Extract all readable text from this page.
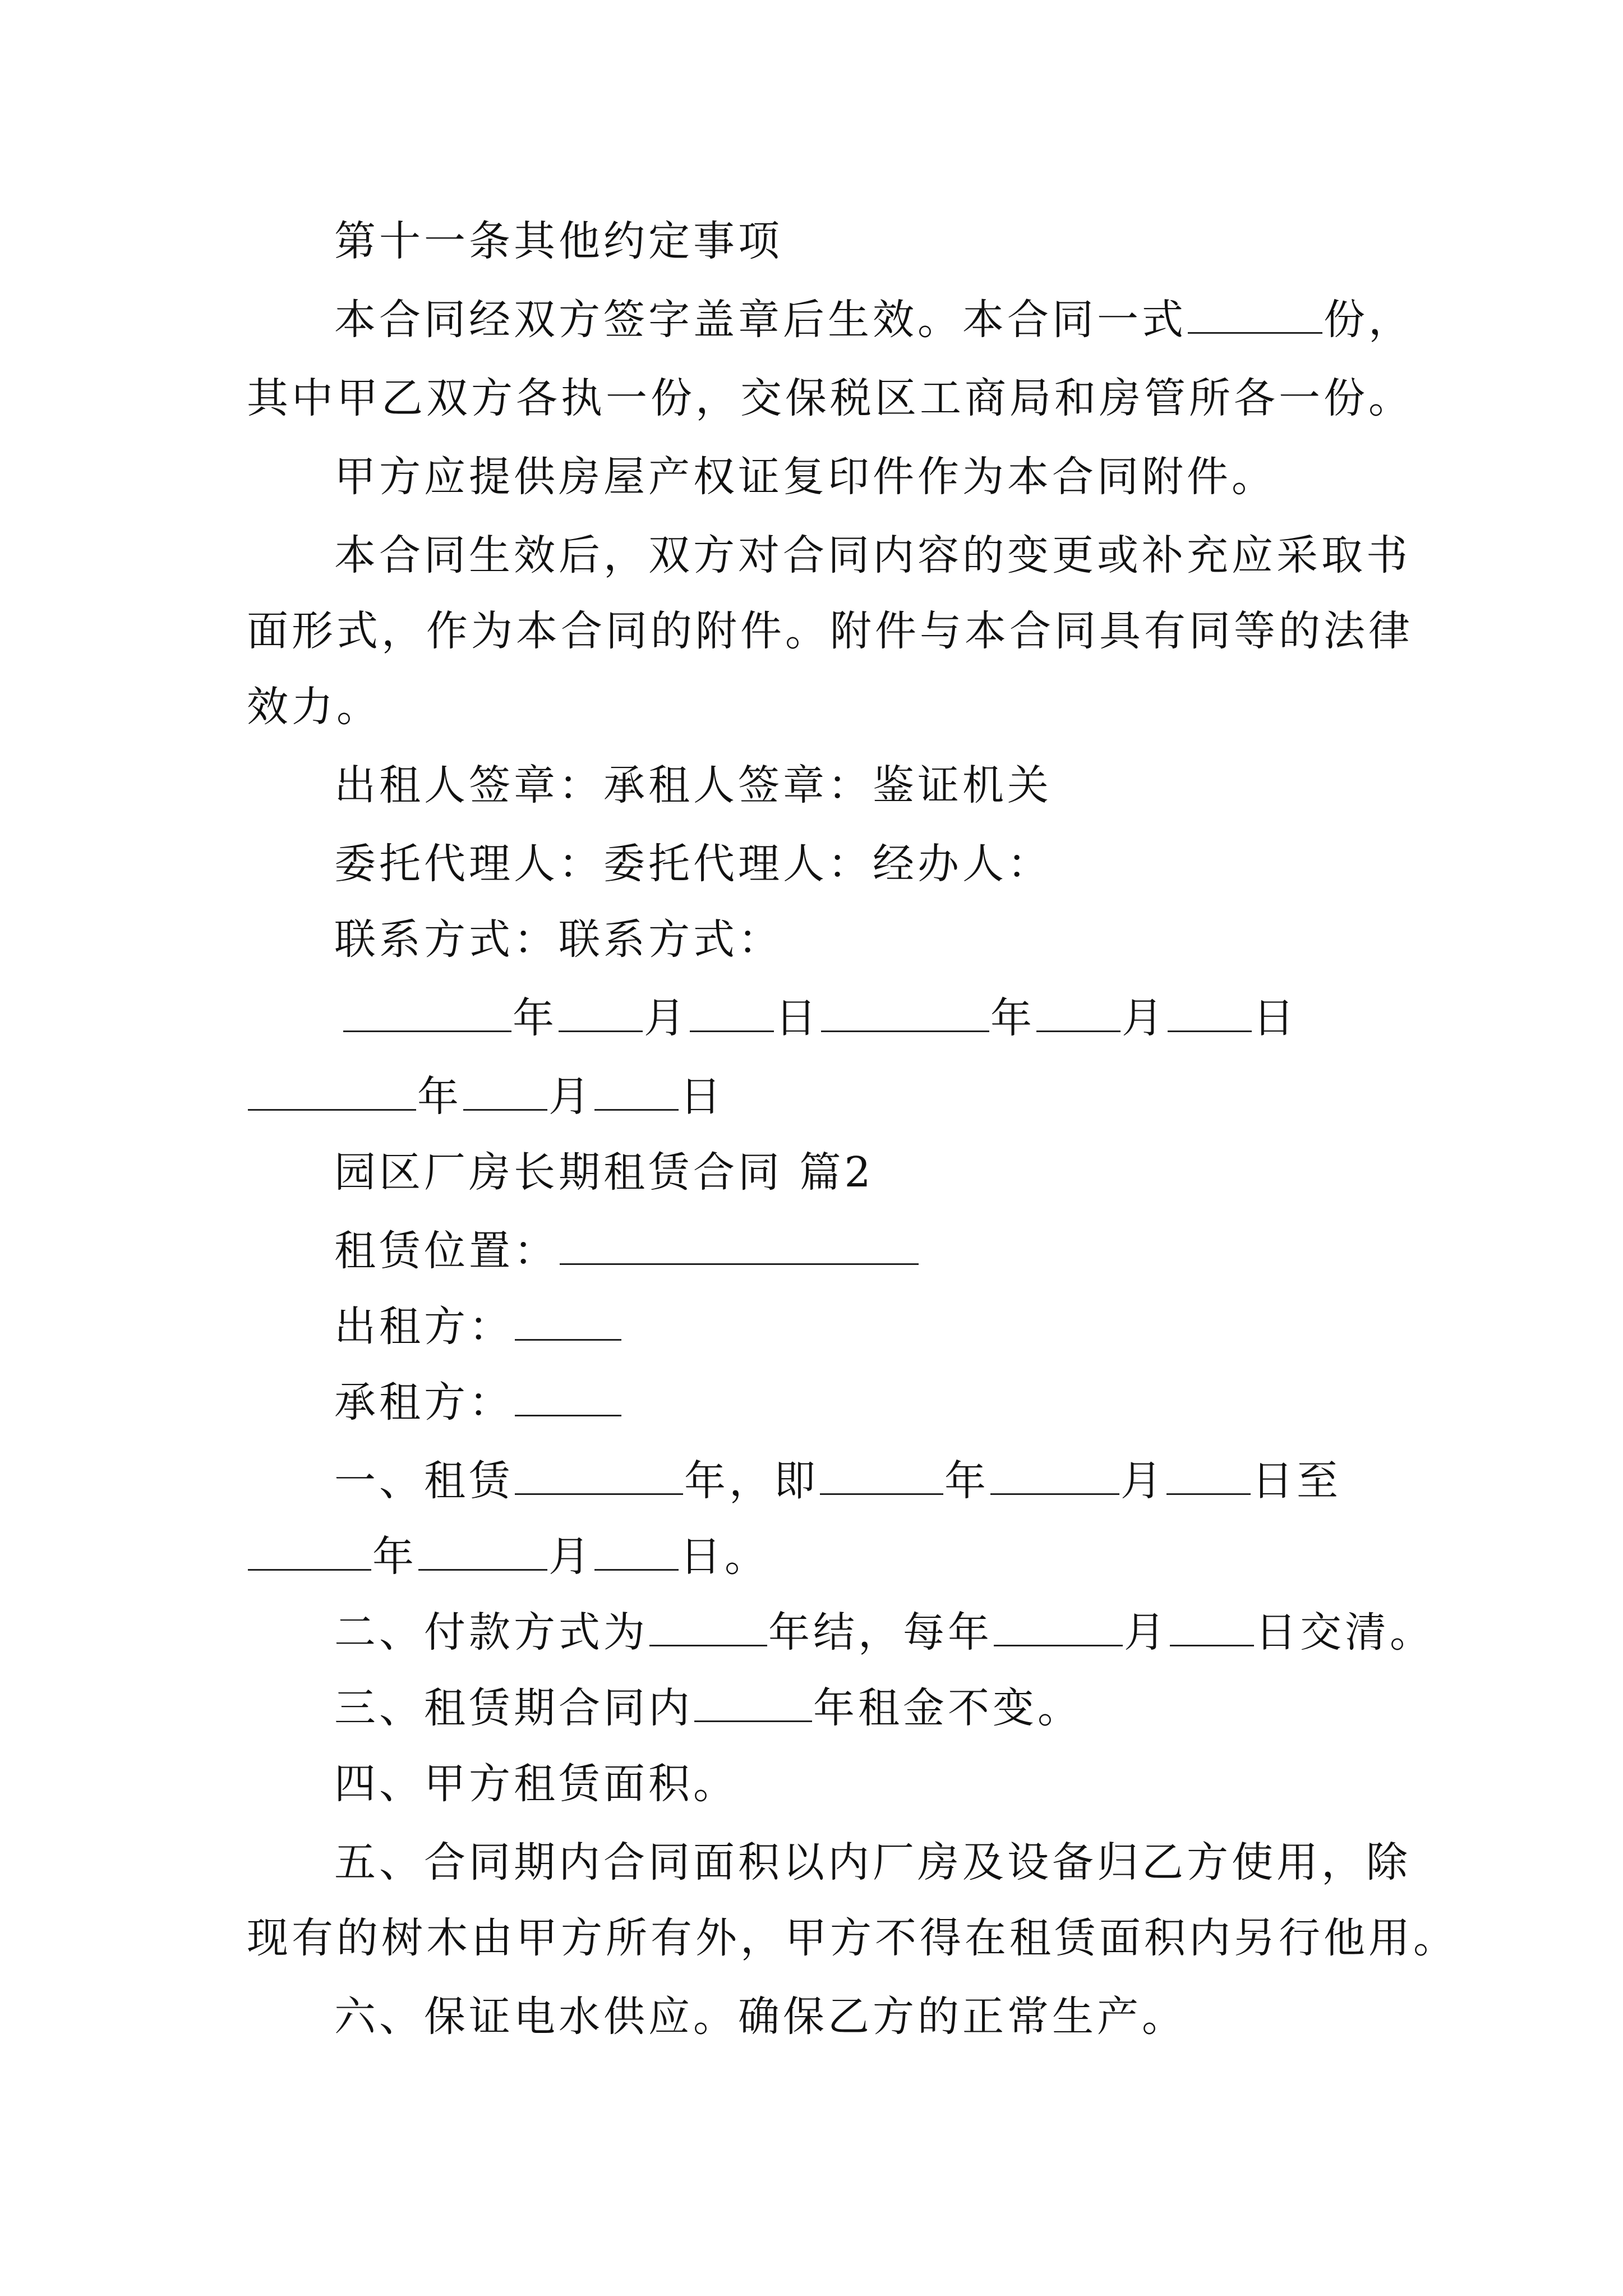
第十一条其他约定事项
本合同经双方签字盖章后生效。本合同一式	份，
其中甲乙双方各执一份，交保税区工商局和房管所各一份。
甲方应提供房屋产权证复印件作为本合同附件。
本合同生效后，双方对合同内容的变更或补充应采取书
面形式，作为本合同的附件。附件与本合同具有同等的法律
效力。
出租人签章：承租人签章：鉴证机关
委托代理人：委托代理人：经办人：
联系方式：联系方式：
年 月 日	年 月 日
年 月 日
园区厂房长期租赁合同 篇2
租赁位置：
出租方：
承租方：
一、租赁	年，即	年	月 日至
年	月 日。
二、付款方式为	年结，每年	月 日交清。
三、租赁期合同内	年租金不变。
四、甲方租赁面积。
五、合同期内合同面积以内厂房及设备归乙方使用，除
现有的树木由甲方所有外，甲方不得在租赁面积内另行他用。
六、保证电水供应。确保乙方的正常生产。
